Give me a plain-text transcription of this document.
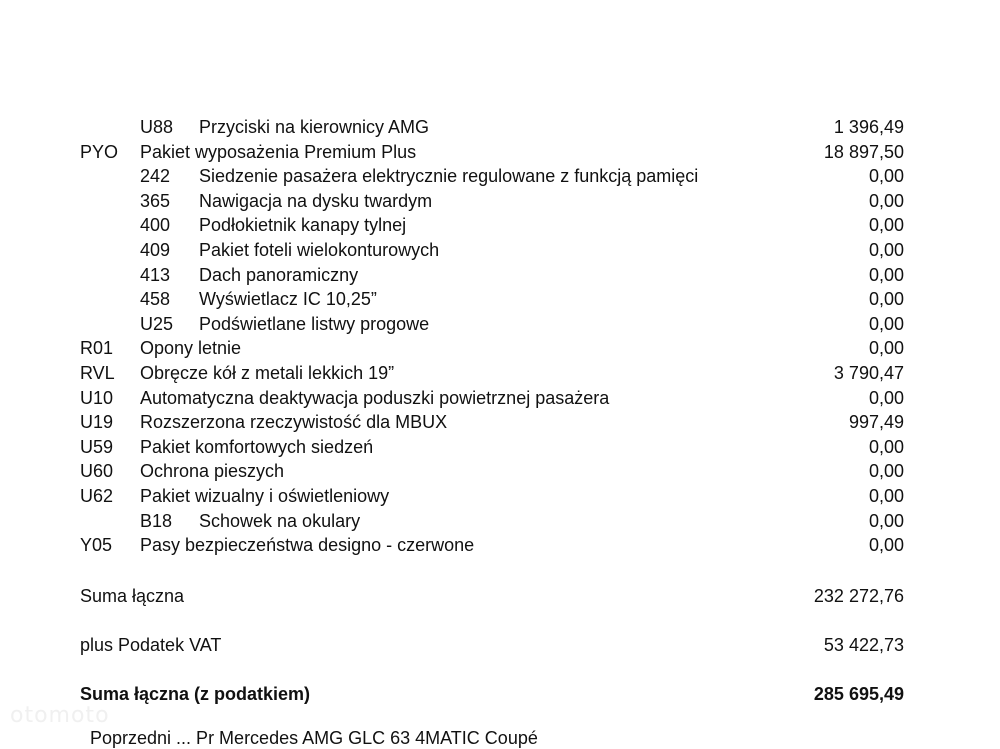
U88 Przyciski na kierownicy AMG	1 396,49
PYO Pakiet wyposażenia Premium Plus	18 897,50
242 Siedzenie pasażera elektrycznie regulowane z funkcją pamięci	0,00
365 Nawigacja na dysku twardym	0,00
400 Podłokietnik kanapy tylnej	0,00
409 Pakiet foteli wielokonturowych	0,00
413 Dach panoramiczny	0,00
458 Wyświetlacz IC 10,25”	0,00
U25 Podświetlane listwy progowe	0,00
R01 Opony letnie	0,00
RVL Obręcze kół z metali lekkich 19”	3 790,47
U10 Automatyczna deaktywacja poduszki powietrznej pasażera	0,00
U19 Rozszerzona rzeczywistość dla MBUX	997,49
U59 Pakiet komfortowych siedzeń	0,00
U60 Ochrona pieszych	0,00
U62 Pakiet wizualny i oświetleniowy	0,00
B18 Schowek na okulary	0,00
Y05 Pasy bezpieczeństwa designo - czerwone	0,00
Suma łączna	232 272,76
plus Podatek VAT	53 422,73
Suma łączna (z podatkiem)	285 695,49
otomoto
Poprzedni ... Pr Mercedes AMG GLC 63 4MATIC Coupé
